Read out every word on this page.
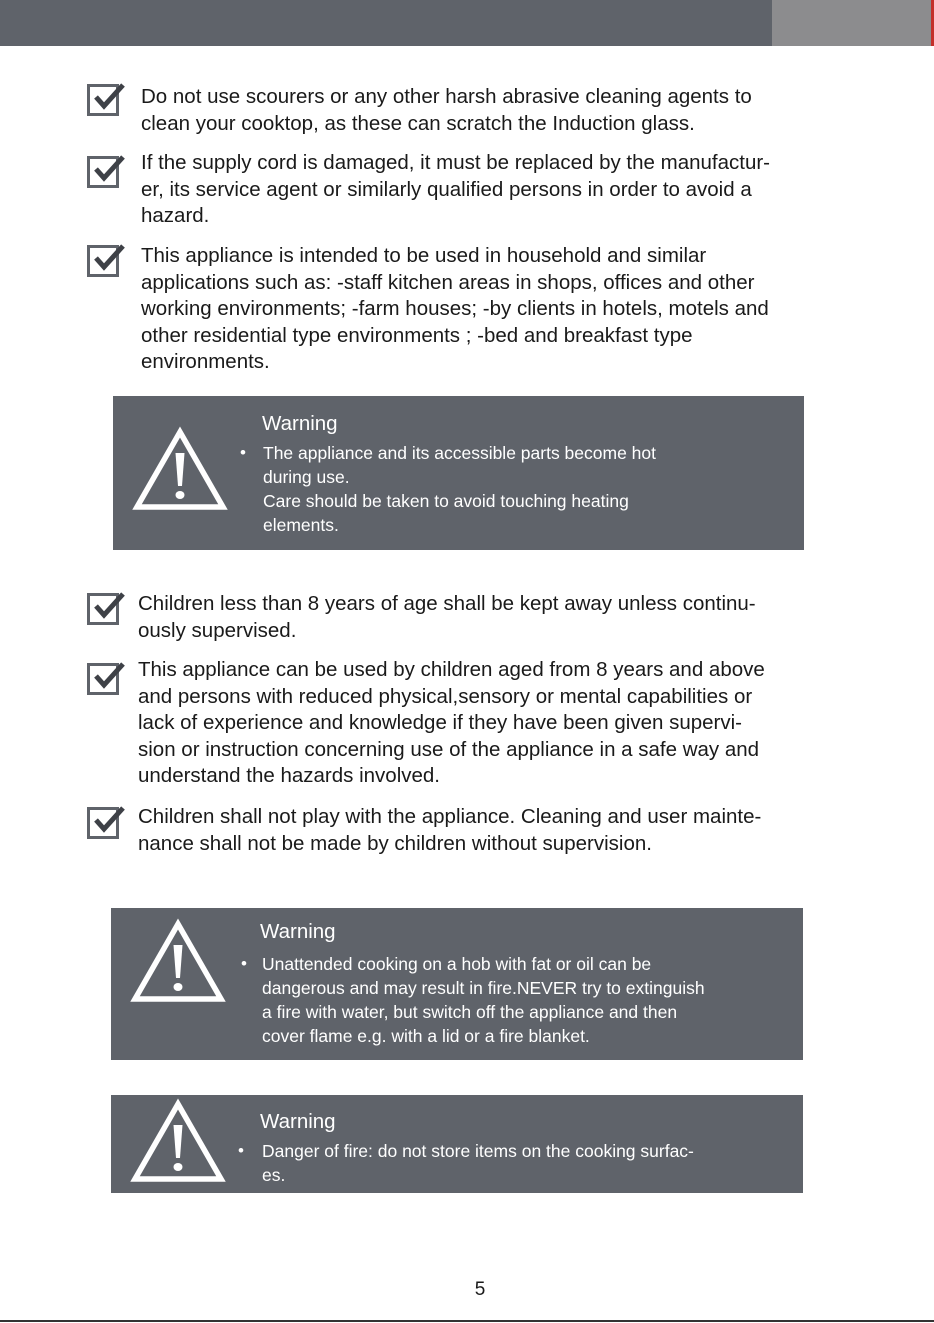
Do not use scourers or any other harsh abrasive cleaning agents to
clean your cooktop, as these can scratch the Induction glass.
If the supply cord is damaged, it must be replaced by the manufactur-
er, its service agent or similarly qualified persons in order to avoid a
hazard.
This appliance is intended to be used in household and similar
applications such as: -staff kitchen areas in shops, offices and other
working environments; -farm houses; -by clients in hotels, motels and
other residential type environments ; -bed and breakfast type
environments.
Warning
• The appliance and its accessible parts become hot
during use.
Care should be taken to avoid touching heating
elements.
Children less than 8 years of age shall be kept away unless continu-
ously supervised.
This appliance can be used by children aged from 8 years and above
and persons with reduced physical,sensory or mental capabilities or
lack of experience and knowledge if they have been given supervi-
sion or instruction concerning use of the appliance in a safe way and
understand the hazards involved.
Children shall not play with the appliance. Cleaning and user mainte-
nance shall not be made by children without supervision.
Warning
• Unattended cooking on a hob with fat or oil can be
dangerous and may result in fire.NEVER try to extinguish
a fire with water, but switch off the appliance and then
cover flame e.g. with a lid or a fire blanket.
Warning
• Danger of fire: do not store items on the cooking surfac-
es.
5
